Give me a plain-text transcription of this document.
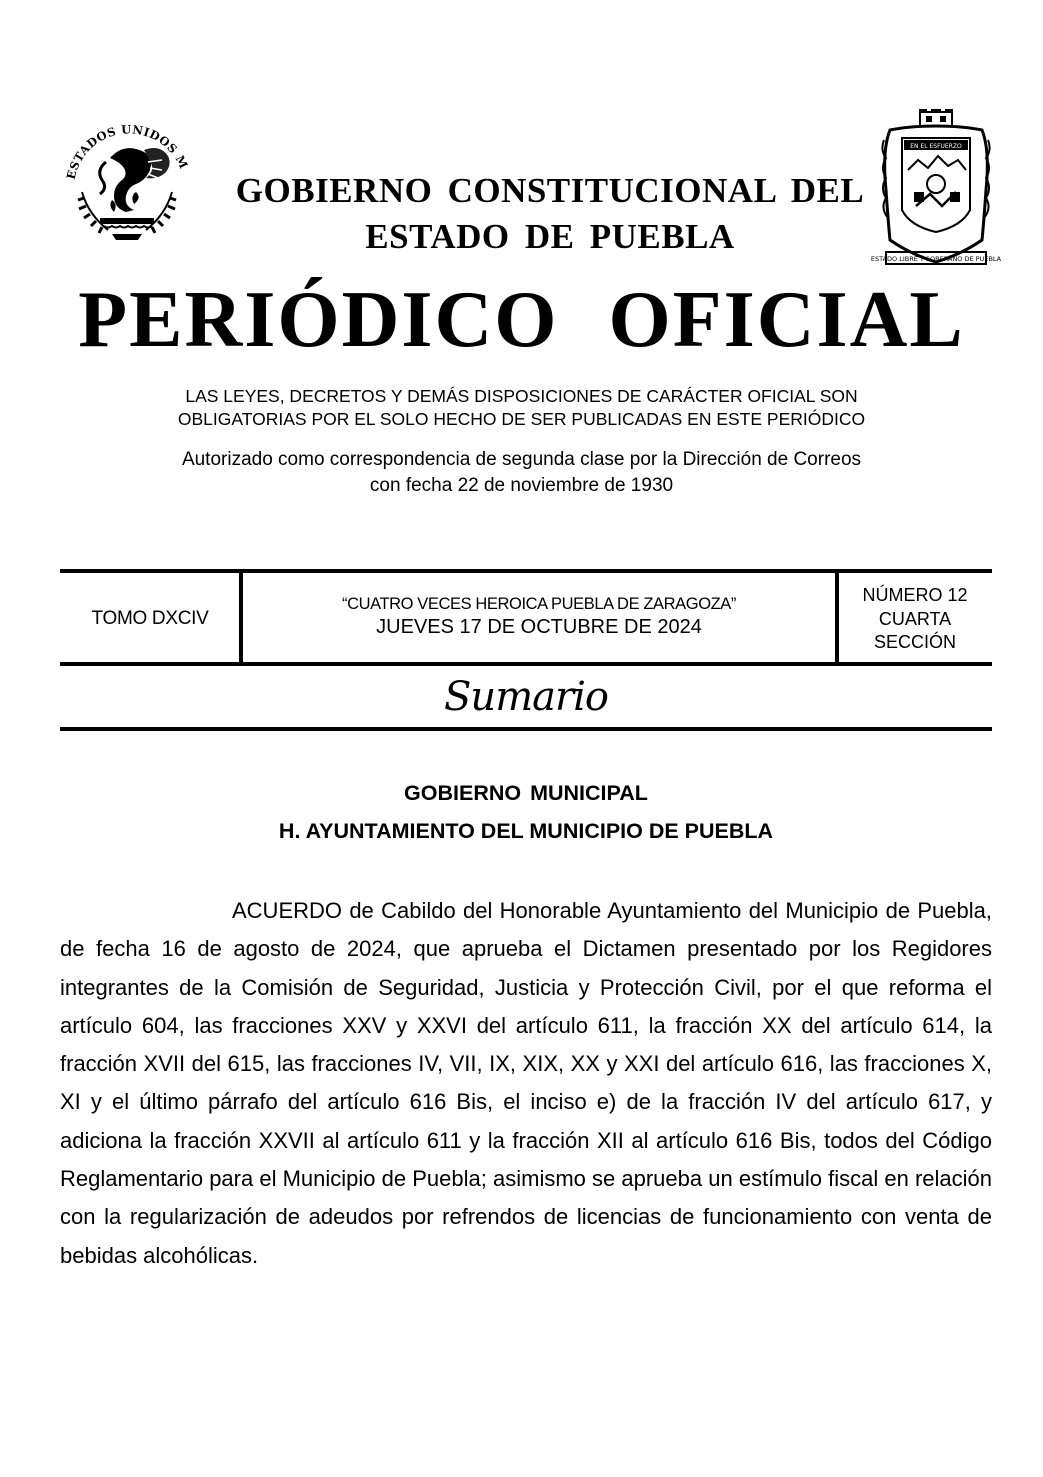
ESTADOS UNIDOS M
EN EL ESFUERZO
ESTADO LIBRE Y SOBERANO DE PUEBLA
GOBIERNO CONSTITUCIONAL DEL
ESTADO DE PUEBLA
PERIÓDICO OFICIAL
LAS LEYES, DECRETOS Y DEMÁS DISPOSICIONES DE CARÁCTER OFICIAL SON
OBLIGATORIAS POR EL SOLO HECHO DE SER PUBLICADAS EN ESTE PERIÓDICO
Autorizado como correspondencia de segunda clase por la Dirección de Correos
con fecha 22 de noviembre de 1930
TOMO DXCIV
“CUATRO VECES HEROICA PUEBLA DE ZARAGOZA”
JUEVES 17 DE OCTUBRE DE 2024
NÚMERO 12
CUARTA
SECCIÓN
Sumario
GOBIERNO MUNICIPAL
H. AYUNTAMIENTO DEL MUNICIPIO DE PUEBLA

ACUERDO de Cabildo del Honorable Ayuntamiento del Municipio de Puebla, de fecha 16 de agosto de 2024, que aprueba el Dictamen presentado por los Regidores integrantes de la Comisión de Seguridad, Justicia y Protección Civil, por el que reforma el artículo 604, las fracciones XXV y XXVI del artículo 611, la fracción XX del artículo 614, la fracción XVII del 615, las fracciones IV, VII, IX, XIX, XX y XXI del artículo 616, las fracciones X, XI y el último párrafo del artículo 616 Bis, el inciso e) de la fracción IV del artículo 617, y adiciona la fracción XXVII al artículo 611 y la fracción XII al artículo 616 Bis, todos del Código Reglamentario para el Municipio de Puebla; asimismo se aprueba un estímulo fiscal en relación con la regularización de adeudos por refrendos de licencias de funcionamiento con venta de bebidas alcohólicas.
